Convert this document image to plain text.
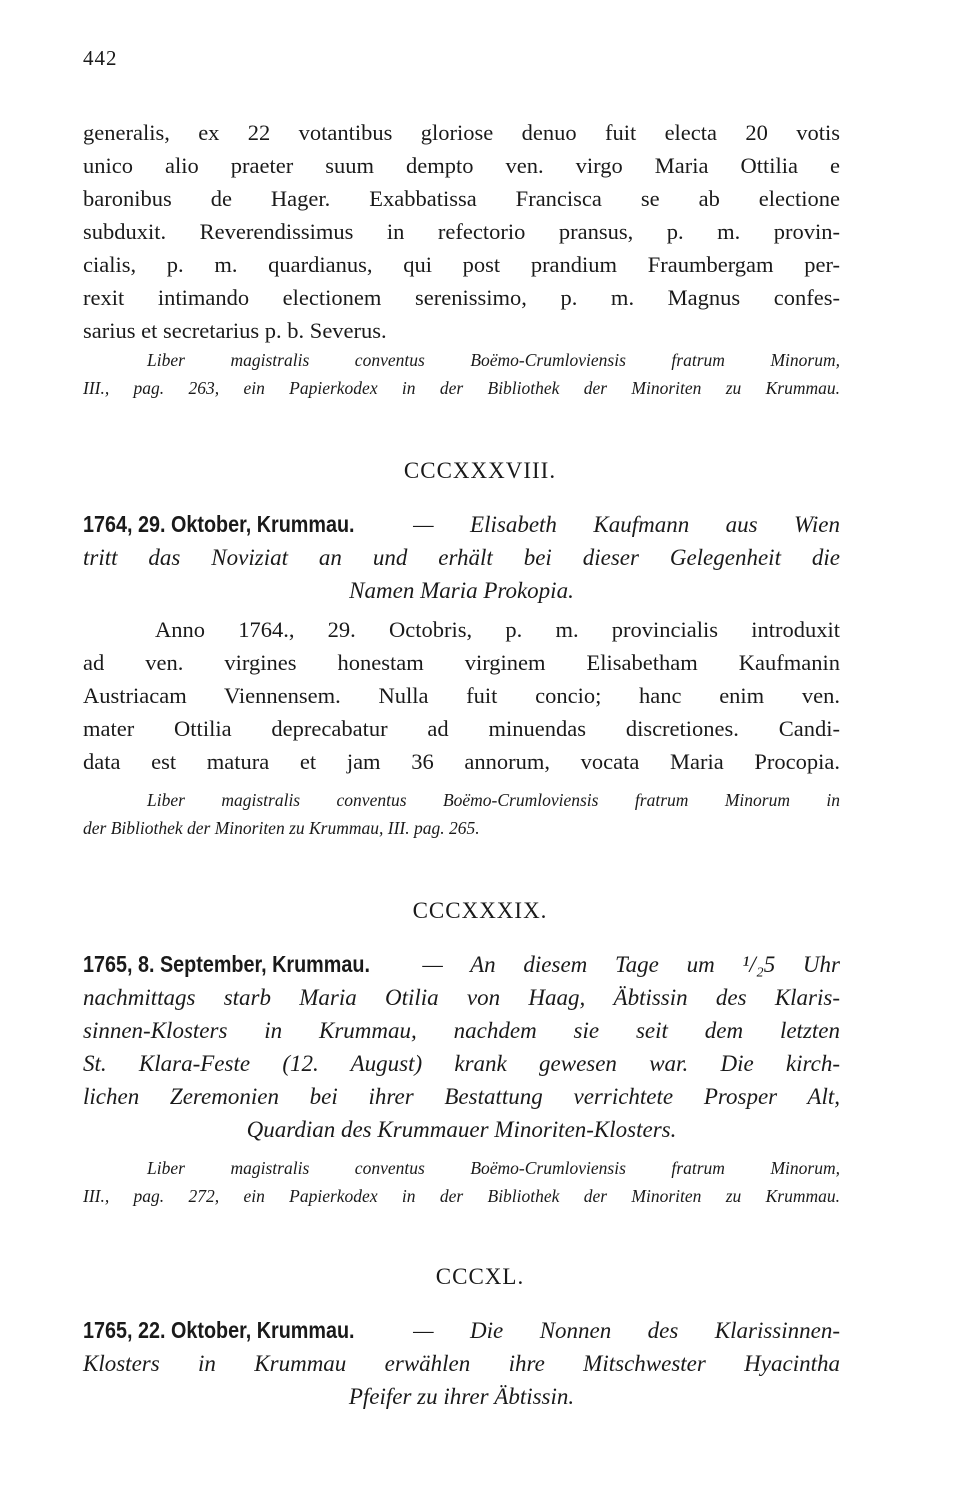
442
generalis, ex 22 votantibus gloriose denuo fuit electa 20 votis
unico alio praeter suum dempto ven. virgo Maria Ottilia e
baronibus de Hager. Exabbatissa Francisca se ab electione
subduxit. Reverendissimus in refectorio pransus, p. m. provin-
cialis, p. m. quardianus, qui post prandium Fraumbergam per-
rexit intimando electionem serenissimo, p. m. Magnus confes-
sarius et secretarius p. b. Severus.
Liber magistralis conventus Boëmo-Crumloviensis fratrum Minorum,
III., pag. 263, ein Papierkodex in der Bibliothek der Minoriten zu Krummau.
CCCXXXVIII.
1764, 29. Oktober, Krummau. — Elisabeth Kaufmann aus Wien
tritt das Noviziat an und erhält bei dieser Gelegenheit die
Namen Maria Prokopia.
Anno 1764., 29. Octobris, p. m. provincialis introduxit
ad ven. virgines honestam virginem Elisabetham Kaufmanin
Austriacam Viennensem. Nulla fuit concio; hanc enim ven.
mater Ottilia deprecabatur ad minuendas discretiones. Candi-
data est matura et jam 36 annorum, vocata Maria Procopia.
Liber magistralis conventus Boëmo-Crumloviensis fratrum Minorum in
der Bibliothek der Minoriten zu Krummau, III. pag. 265.
CCCXXXIX.
1765, 8. September, Krummau. — An diesem Tage um ¹/₂5 Uhr
nachmittags starb Maria Otilia von Haag, Äbtissin des Klaris-
sinnen-Klosters in Krummau, nachdem sie seit dem letzten
St. Klara-Feste (12. August) krank gewesen war. Die kirch-
lichen Zeremonien bei ihrer Bestattung verrichtete Prosper Alt,
Quardian des Krummauer Minoriten-Klosters.
Liber magistralis conventus Boëmo-Crumloviensis fratrum Minorum,
III., pag. 272, ein Papierkodex in der Bibliothek der Minoriten zu Krummau.
CCCXL.
1765, 22. Oktober, Krummau. — Die Nonnen des Klarissinnen-
Klosters in Krummau erwählen ihre Mitschwester Hyacintha
Pfeifer zu ihrer Äbtissin.
